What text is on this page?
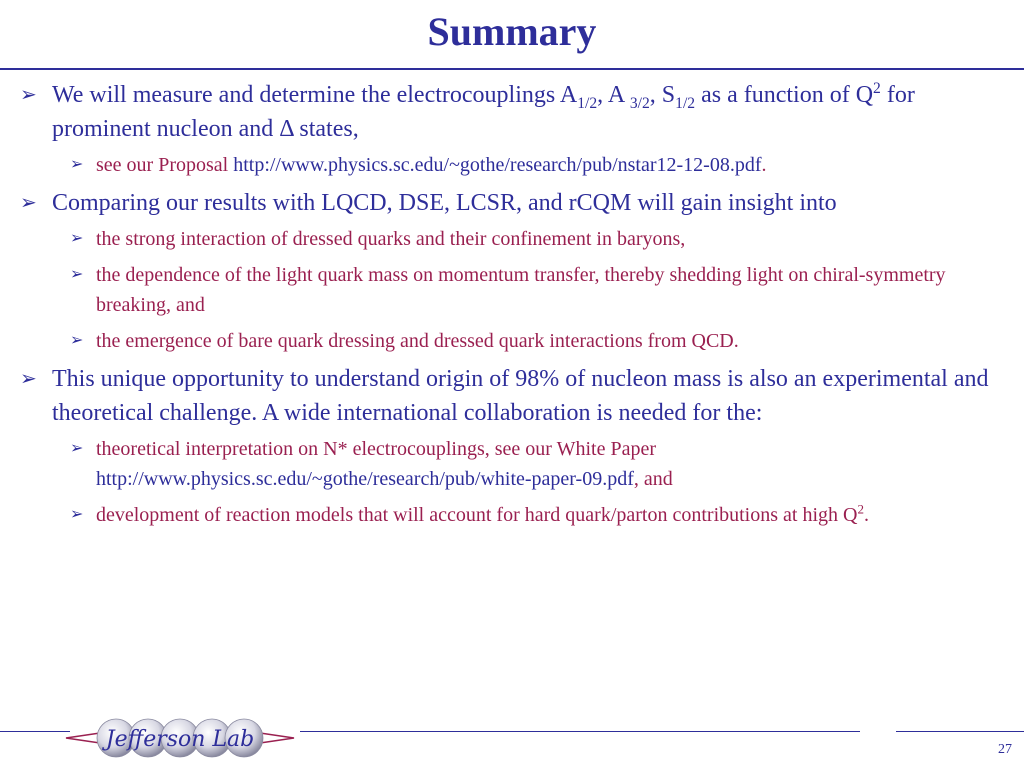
Summary
➢ We will measure and determine the electrocouplings $A_{1/2}$, A $_{3/2}$, $S_{1/2}$ as a function of $Q^2$ for prominent nucleon and Δ states,
➢ see our Proposal http://www.physics.sc.edu/~gothe/research/pub/nstar12-12-08.pdf.
➢ Comparing our results with LQCD, DSE, LCSR, and rCQM will gain insight into
➢ the strong interaction of dressed quarks and their confinement in baryons,
➢ the dependence of the light quark mass on momentum transfer, thereby shedding light on chiral-symmetry breaking, and
➢ the emergence of bare quark dressing and dressed quark interactions from QCD.
➢ This unique opportunity to understand origin of 98% of nucleon mass is also an experimental and theoretical challenge. A wide international collaboration is needed for the:
➢ theoretical interpretation on N* electrocouplings, see our White Paper http://www.physics.sc.edu/~gothe/research/pub/white-paper-09.pdf, and
➢ development of reaction models that will account for hard quark/parton contributions at high $Q^2$.
Jefferson Lab	27
